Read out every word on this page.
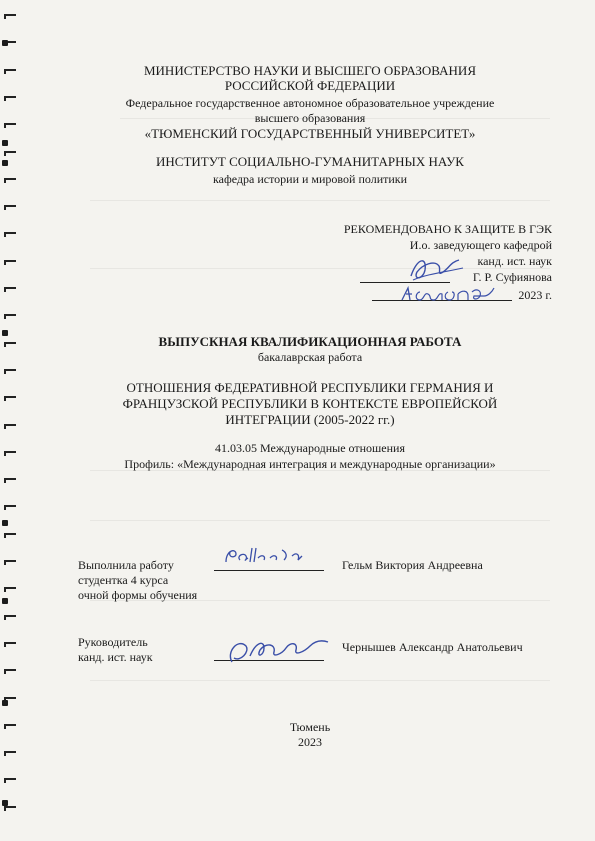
МИНИСТЕРСТВО НАУКИ И ВЫСШЕГО ОБРАЗОВАНИЯ
РОССИЙСКОЙ ФЕДЕРАЦИИ
Федеральное государственное автономное образовательное учреждение
высшего образования
«ТЮМЕНСКИЙ ГОСУДАРСТВЕННЫЙ УНИВЕРСИТЕТ»
ИНСТИТУТ СОЦИАЛЬНО-ГУМАНИТАРНЫХ НАУК
кафедра истории и мировой политики
РЕКОМЕНДОВАНО К ЗАЩИТЕ В ГЭК
И.о. заведующего кафедрой
канд. ист. наук
Г. Р. Суфиянова
2023 г.
ВЫПУСКНАЯ КВАЛИФИКАЦИОННАЯ РАБОТА
бакалаврская работа
ОТНОШЕНИЯ ФЕДЕРАТИВНОЙ РЕСПУБЛИКИ ГЕРМАНИЯ И
ФРАНЦУЗСКОЙ РЕСПУБЛИКИ В КОНТЕКСТЕ ЕВРОПЕЙСКОЙ
ИНТЕГРАЦИИ (2005-2022 гг.)
41.03.05 Международные отношения
Профиль: «Международная интеграция и международные организации»
Выполнила работу
студентка 4 курса
очной формы обучения
Гельм Виктория Андреевна
Руководитель
канд. ист. наук
Чернышев Александр Анатольевич
Тюмень
2023
